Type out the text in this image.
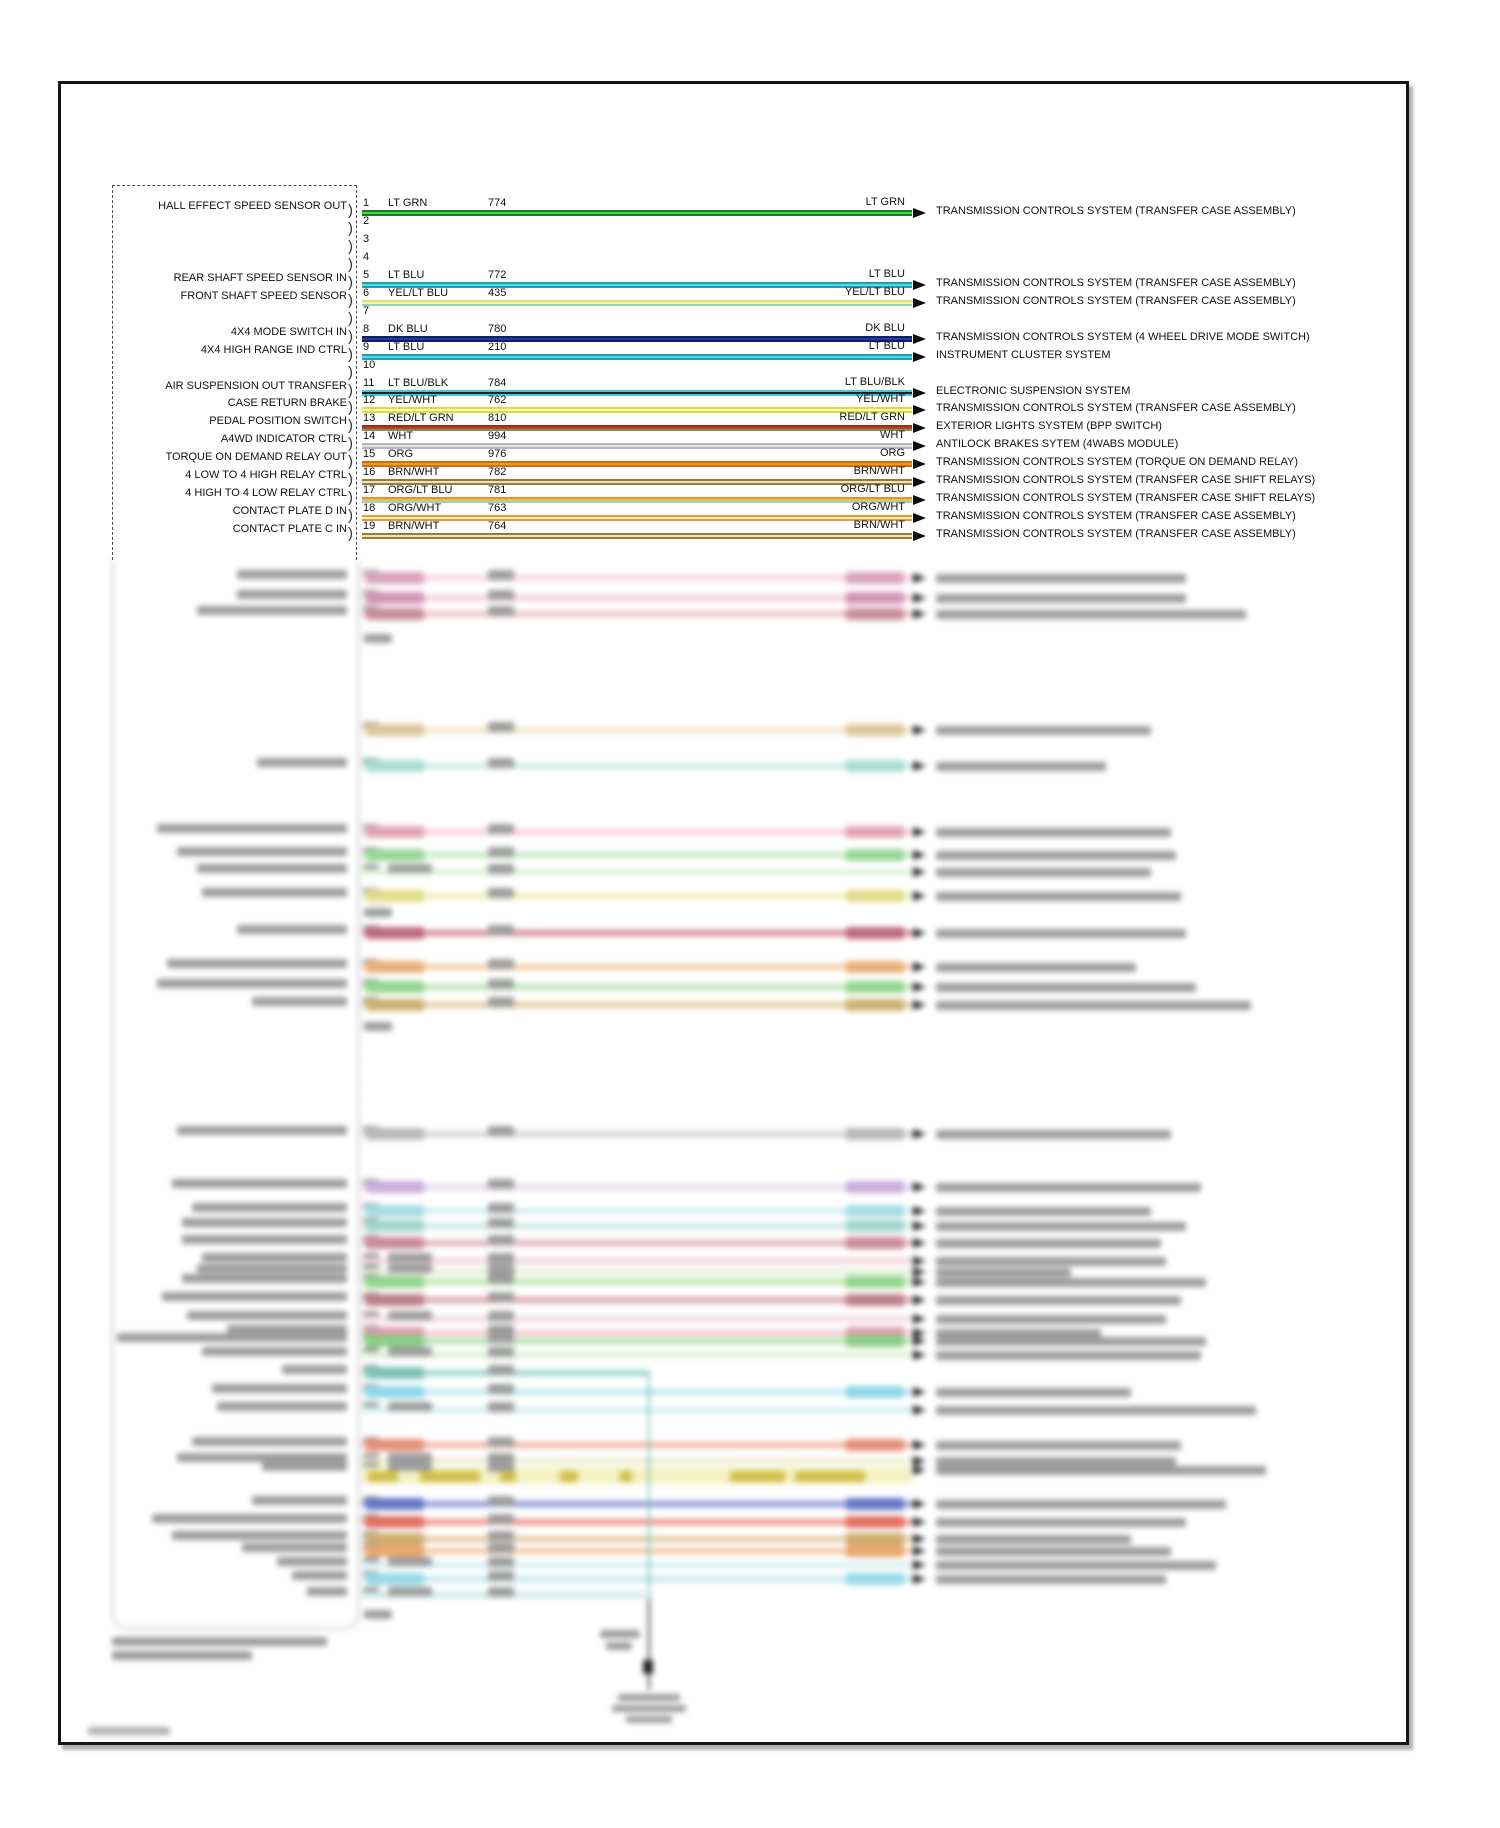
) 1
HALL EFFECT SPEED SENSOR OUT	LT GRN	774	LT GRN
TRANSMISSION CONTROLS SYSTEM (TRANSFER CASE ASSEMBLY)
) 2
) 3
) 4
) 5
REAR SHAFT SPEED SENSOR IN	LT BLU	772	LT BLU
TRANSMISSION CONTROLS SYSTEM (TRANSFER CASE ASSEMBLY)
) 6
FRONT SHAFT SPEED SENSOR	YEL/LT BLU	435	YEL/LT BLU
TRANSMISSION CONTROLS SYSTEM (TRANSFER CASE ASSEMBLY)
) 7
) 8
4X4 MODE SWITCH IN	DK BLU	780	DK BLU
TRANSMISSION CONTROLS SYSTEM (4 WHEEL DRIVE MODE SWITCH)
) 9
4X4 HIGH RANGE IND CTRL	LT BLU	210	LT BLU
INSTRUMENT CLUSTER SYSTEM
) 10
) 11
AIR SUSPENSION OUT TRANSFER	LT BLU/BLK	784	LT BLU/BLK
ELECTRONIC SUSPENSION SYSTEM
) 12
CASE RETURN BRAKE	YEL/WHT	762	YEL/WHT
TRANSMISSION CONTROLS SYSTEM (TRANSFER CASE ASSEMBLY)
) 13
PEDAL POSITION SWITCH	RED/LT GRN	810	RED/LT GRN
EXTERIOR LIGHTS SYSTEM (BPP SWITCH)
) 14
A4WD INDICATOR CTRL	WHT	994	WHT
ANTILOCK BRAKES SYTEM (4WABS MODULE)
) 15
TORQUE ON DEMAND RELAY OUT	ORG	976	ORG
TRANSMISSION CONTROLS SYSTEM (TORQUE ON DEMAND RELAY)
) 16
4 LOW TO 4 HIGH RELAY CTRL	BRN/WHT	782	BRN/WHT
TRANSMISSION CONTROLS SYSTEM (TRANSFER CASE SHIFT RELAYS)
) 17
4 HIGH TO 4 LOW RELAY CTRL	ORG/LT BLU	781	ORG/LT BLU
TRANSMISSION CONTROLS SYSTEM (TRANSFER CASE SHIFT RELAYS)
) 18
CONTACT PLATE D IN	ORG/WHT	763	ORG/WHT
TRANSMISSION CONTROLS SYSTEM (TRANSFER CASE ASSEMBLY)
) 19
CONTACT PLATE C IN	BRN/WHT	764	BRN/WHT
TRANSMISSION CONTROLS SYSTEM (TRANSFER CASE ASSEMBLY)
